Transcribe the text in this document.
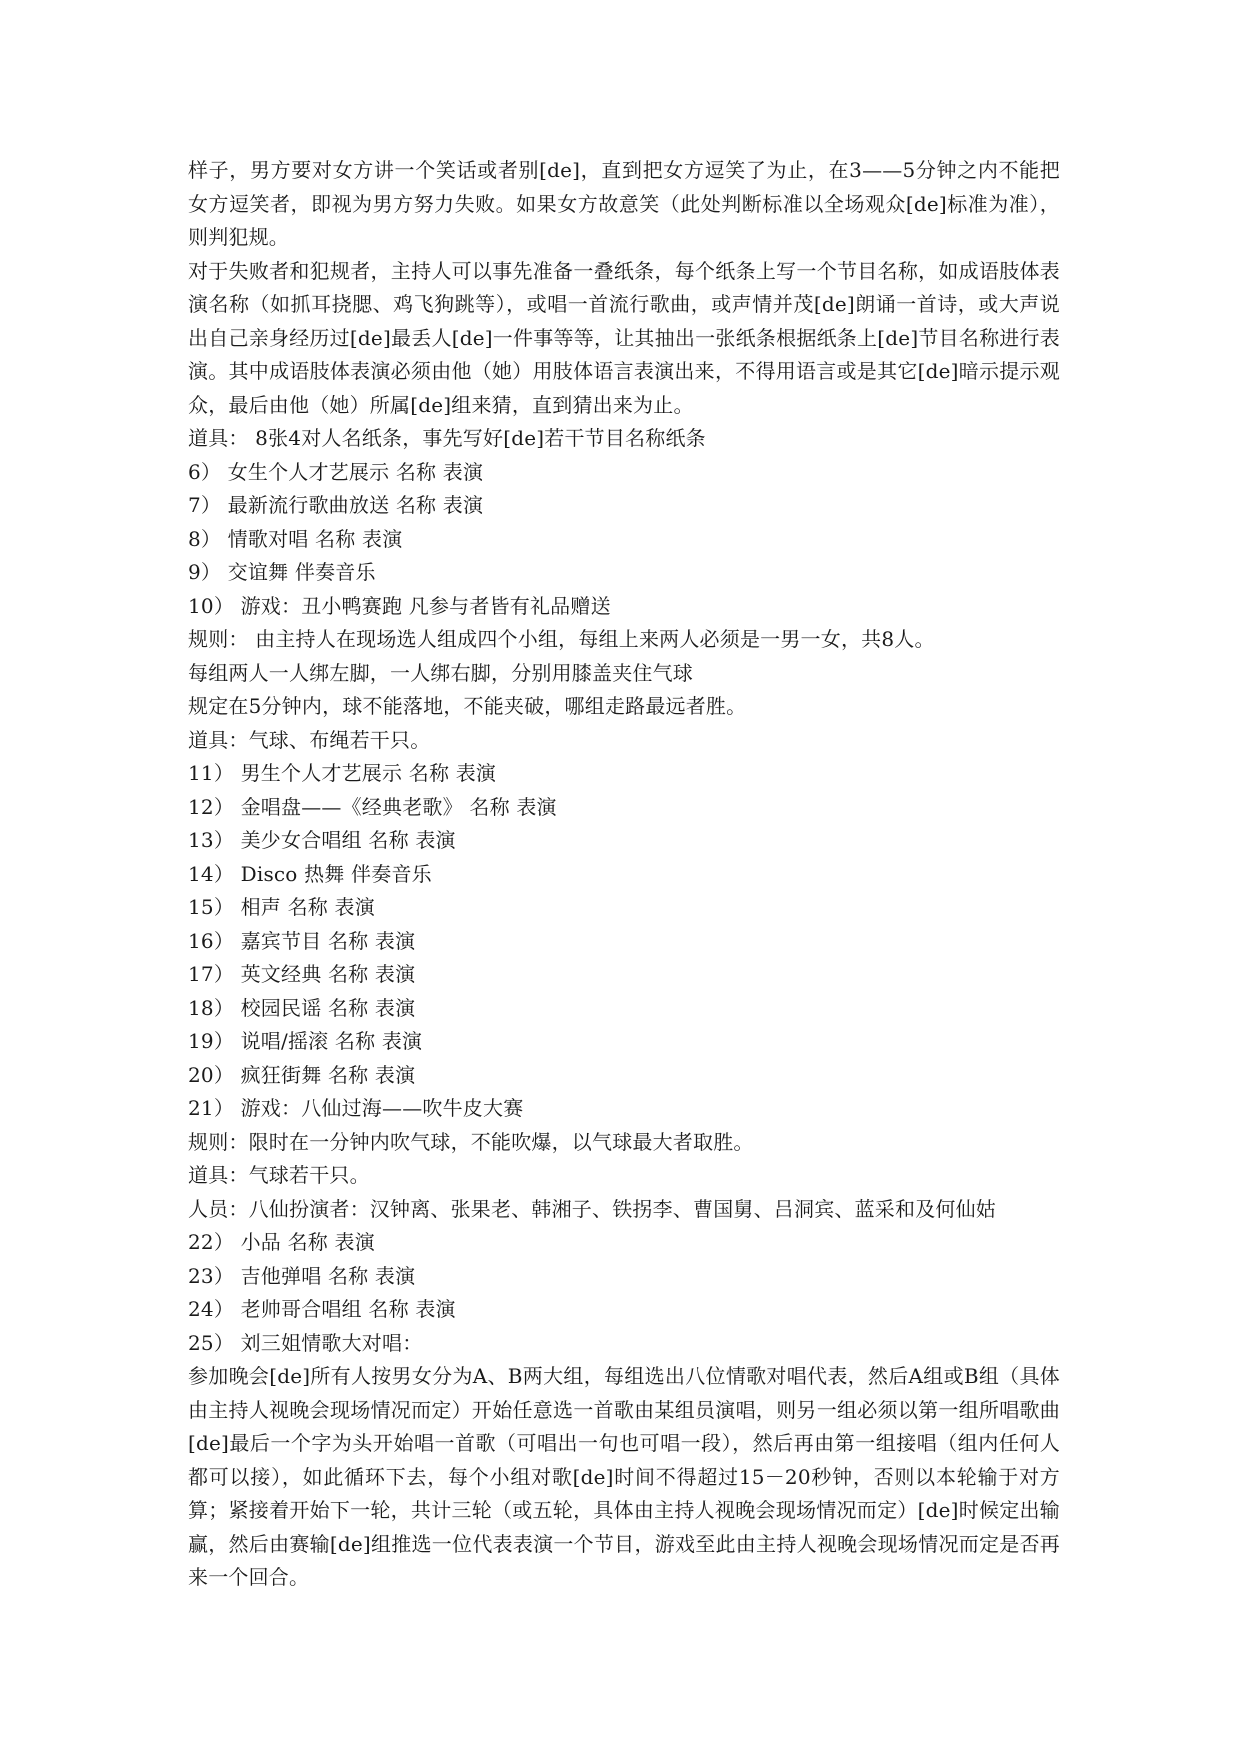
样子，男方要对女方讲一个笑话或者别[de]，直到把女方逗笑了为止，在3——5分钟之内不能把女方逗笑者，即视为男方努力失败。如果女方故意笑（此处判断标准以全场观众[de]标准为准），则判犯规。

对于失败者和犯规者，主持人可以事先准备一叠纸条，每个纸条上写一个节目名称，如成语肢体表演名称（如抓耳挠腮、鸡飞狗跳等），或唱一首流行歌曲，或声情并茂[de]朗诵一首诗，或大声说出自己亲身经历过[de]最丢人[de]一件事等等，让其抽出一张纸条根据纸条上[de]节目名称进行表演。其中成语肢体表演必须由他（她）用肢体语言表演出来，不得用语言或是其它[de]暗示提示观众，最后由他（她）所属[de]组来猜，直到猜出来为止。

道具： 8张4对人名纸条，事先写好[de]若干节目名称纸条

6） 女生个人才艺展示 名称 表演

7） 最新流行歌曲放送 名称 表演

8） 情歌对唱 名称 表演

9） 交谊舞 伴奏音乐

10） 游戏：丑小鸭赛跑 凡参与者皆有礼品赠送

规则： 由主持人在现场选人组成四个小组，每组上来两人必须是一男一女，共8人。

每组两人一人绑左脚，一人绑右脚，分别用膝盖夹住气球

规定在5分钟内，球不能落地，不能夹破，哪组走路最远者胜。

道具：气球、布绳若干只。

11） 男生个人才艺展示 名称 表演

12） 金唱盘——《经典老歌》 名称 表演

13） 美少女合唱组 名称 表演

14） Disco 热舞 伴奏音乐

15） 相声 名称 表演

16） 嘉宾节目 名称 表演

17） 英文经典 名称 表演

18） 校园民谣 名称 表演

19） 说唱/摇滚 名称 表演

20） 疯狂街舞 名称 表演

21） 游戏：八仙过海——吹牛皮大赛

规则：限时在一分钟内吹气球，不能吹爆，以气球最大者取胜。

道具：气球若干只。

人员：八仙扮演者：汉钟离、张果老、韩湘子、铁拐李、曹国舅、吕洞宾、蓝采和及何仙姑

22） 小品 名称 表演

23） 吉他弹唱 名称 表演

24） 老帅哥合唱组 名称 表演

25） 刘三姐情歌大对唱：

参加晚会[de]所有人按男女分为A、B两大组，每组选出八位情歌对唱代表，然后A组或B组（具体由主持人视晚会现场情况而定）开始任意选一首歌由某组员演唱，则另一组必须以第一组所唱歌曲[de]最后一个字为头开始唱一首歌（可唱出一句也可唱一段），然后再由第一组接唱（组内任何人都可以接），如此循环下去，每个小组对歌[de]时间不得超过15－20秒钟，否则以本轮输于对方算；紧接着开始下一轮，共计三轮（或五轮，具体由主持人视晚会现场情况而定）[de]时候定出输赢，然后由赛输[de]组推选一位代表表演一个节目，游戏至此由主持人视晚会现场情况而定是否再来一个回合。
